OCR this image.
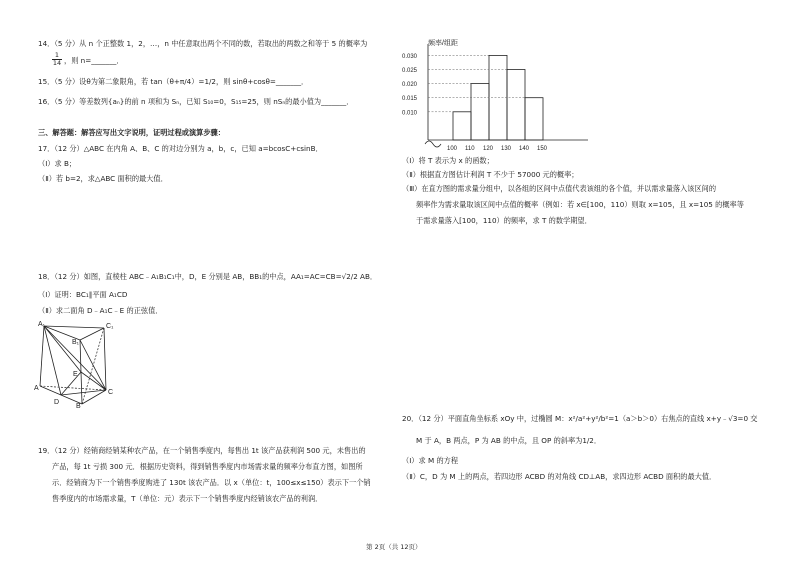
14．（5 分）从 n 个正整数 1，2，…，n 中任意取出两个不同的数，若取出的两数之和等于 5 的概率为
$\frac{1}{14}$ ，则 n=_______．
15．（5 分）设θ为第二象限角，若 tan（θ+π/4）=1/2，则 sinθ+cosθ=_______．
16．（5 分）等差数列{aₙ}的前 n 项和为 Sₙ，已知 S₁₀=0，S₁₅=25，则 nSₙ的最小值为_______．
三、解答题：解答应写出文字说明，证明过程或演算步骤：
17．（12 分）△ABC 在内角 A、B、C 的对边分别为 a，b，c，已知 a=bcosC+csinB．
（Ⅰ）求 B；
（Ⅱ）若 b=2，求△ABC 面积的最大值．
18．（12 分）如图，直棱柱 ABC﹣A₁B₁C₁中，D，E 分别是 AB，BB₁的中点，AA₁=AC=CB=√2/2 AB．
（Ⅰ）证明：BC₁∥平面 A₁CD
（Ⅱ）求二面角 D﹣A₁C﹣E 的正弦值．
A₁	C₁
B₁
A
C
B
D
E
19．（12 分）经销商经销某种农产品，在一个销售季度内，每售出 1t 该产品获利润 500 元，未售出的
产品，每 1t 亏损 300 元．根据历史资料，得到销售季度内市场需求量的频率分布直方图，如图所
示．经销商为下一个销售季度购进了 130t 该农产品．以 x（单位：t，100≤x≤150）表示下一个销
售季度内的市场需求量，T（单位：元）表示下一个销售季度内经销该农产品的利润．
频率/组距
0.030
0.025
0.020
0.015
0.010
100 110 120 130 140 150
（Ⅰ）将 T 表示为 x 的函数；
（Ⅱ）根据直方图估计利润 T 不少于 57000 元的概率；
（Ⅲ）在直方图的需求量分组中，以各组的区间中点值代表该组的各个值，并以需求量落入该区间的
频率作为需求量取该区间中点值的概率（例如：若 x∈[100，110）则取 x=105，且 x=105 的概率等
于需求量落入[100，110）的频率，求 T 的数学期望．
20．（12 分）平面直角坐标系 xOy 中，过椭圆 M：x²/a²+y²/b²=1（a＞b＞0）右焦点的直线 x+y﹣√3=0 交
M 于 A，B 两点，P 为 AB 的中点，且 OP 的斜率为1/2．
（Ⅰ）求 M 的方程
（Ⅱ）C，D 为 M 上的两点，若四边形 ACBD 的对角线 CD⊥AB，求四边形 ACBD 面积的最大值．
第 2页（共 12页）
